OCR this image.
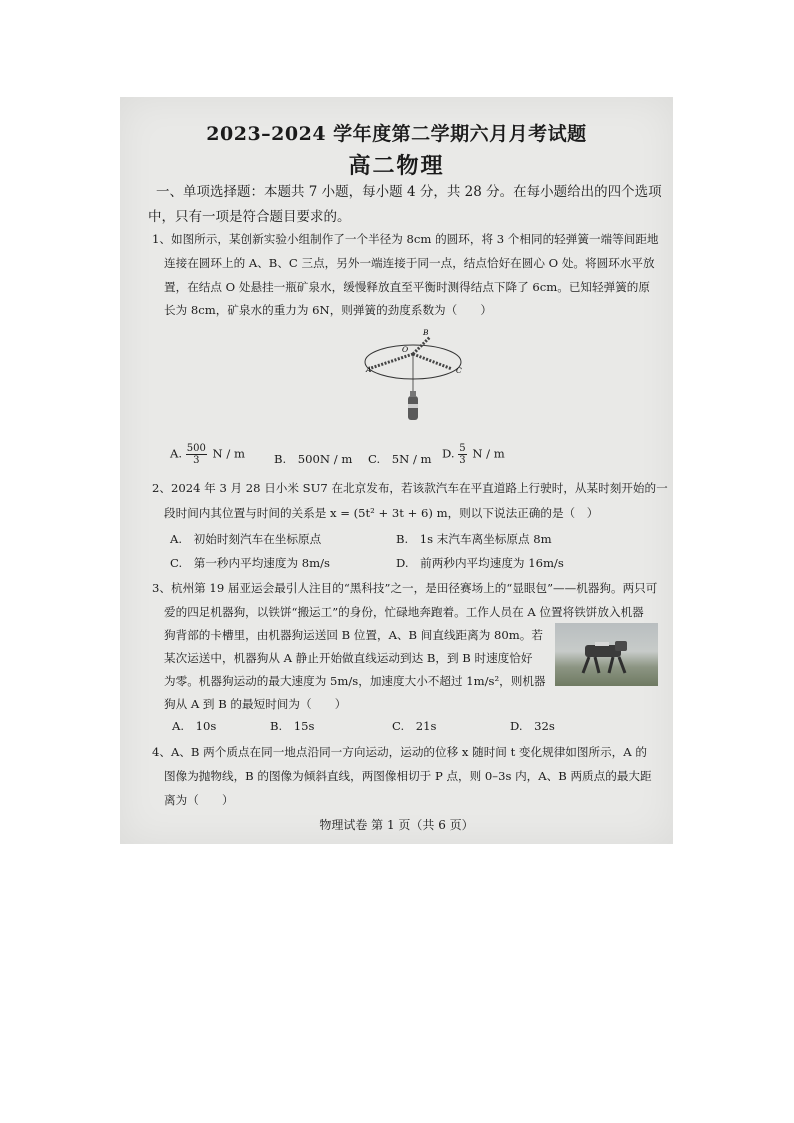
2023–2024 学年度第二学期六月月考试题
高二物理
一、单项选择题：本题共 7 小题，每小题 4 分，共 28 分。在每小题给出的四个选项
中，只有一项是符合题目要求的。
1、如图所示，某创新实验小组制作了一个半径为 8cm 的圆环，将 3 个相同的轻弹簧一端等间距地
连接在圆环上的 A、B、C 三点，另外一端连接于同一点，结点恰好在圆心 O 处。将圆环水平放
置，在结点 O 处悬挂一瓶矿泉水，缓慢释放直至平衡时测得结点下降了 6cm。已知轻弹簧的原
长为 8cm，矿泉水的重力为 6N，则弹簧的劲度系数为（　　）
B
O
A	C
A. $\frac{500}{3}$ N / m	B.　500N / m C.　5N / m D. $\frac{5}{3}$ N / m
2、2024 年 3 月 28 日小米 SU7 在北京发布，若该款汽车在平直道路上行驶时，从某时刻开始的一
段时间内其位置与时间的关系是 x = (5t² + 3t + 6) m，则以下说法正确的是（　）
A.　初始时刻汽车在坐标原点	B.　1s 末汽车离坐标原点 8m
C.　第一秒内平均速度为 8m/s	D.　前两秒内平均速度为 16m/s
3、杭州第 19 届亚运会最引人注目的“黑科技”之一，是田径赛场上的“显眼包”——机器狗。两只可
爱的四足机器狗，以铁饼“搬运工”的身份，忙碌地奔跑着。工作人员在 A 位置将铁饼放入机器
狗背部的卡槽里，由机器狗运送回 B 位置，A、B 间直线距离为 80m。若
某次运送中，机器狗从 A 静止开始做直线运动到达 B，到 B 时速度恰好
为零。机器狗运动的最大速度为 5m/s，加速度大小不超过 1m/s²，则机器
狗从 A 到 B 的最短时间为（　　）
A.　10s	B.　15s	C.　21s	D.　32s
4、A、B 两个质点在同一地点沿同一方向运动，运动的位移 x 随时间 t 变化规律如图所示，A 的
图像为抛物线，B 的图像为倾斜直线，两图像相切于 P 点，则 0–3s 内，A、B 两质点的最大距
离为（　　）
物理试卷 第 1 页（共 6 页）
